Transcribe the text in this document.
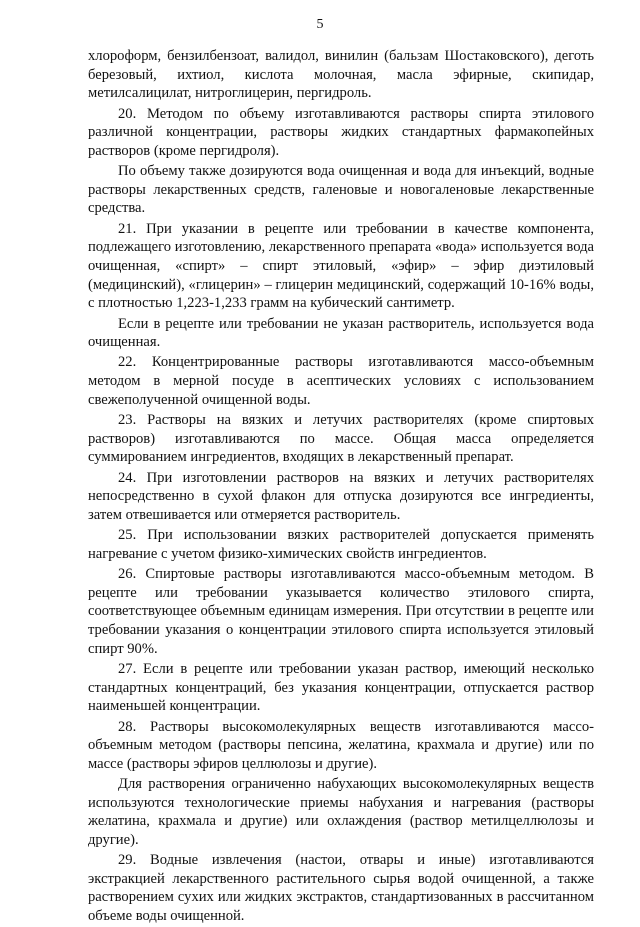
5

хлороформ, бензилбензоат, валидол, винилин (бальзам Шостаковского), деготь березовый, ихтиол, кислота молочная, масла эфирные, скипидар, метилсалицилат, нитроглицерин, пергидроль.

20. Методом по объему изготавливаются растворы спирта этилового различной концентрации, растворы жидких стандартных фармакопейных растворов (кроме пергидроля).

По объему также дозируются вода очищенная и вода для инъекций, водные растворы лекарственных средств, галеновые и новогаленовые лекарственные средства.

21. При указании в рецепте или требовании в качестве компонента, подлежащего изготовлению, лекарственного препарата «вода» используется вода очищенная, «спирт» – спирт этиловый, «эфир» – эфир диэтиловый (медицинский), «глицерин» – глицерин медицинский, содержащий 10-16% воды, с плотностью 1,223-1,233 грамм на кубический сантиметр.

Если в рецепте или требовании не указан растворитель, используется вода очищенная.

22. Концентрированные растворы изготавливаются массо-объемным методом в мерной посуде в асептических условиях с использованием свежеполученной очищенной воды.

23. Растворы на вязких и летучих растворителях (кроме спиртовых растворов) изготавливаются по массе. Общая масса определяется суммированием ингредиентов, входящих в лекарственный препарат.

24. При изготовлении растворов на вязких и летучих растворителях непосредственно в сухой флакон для отпуска дозируются все ингредиенты, затем отвешивается или отмеряется растворитель.

25. При использовании вязких растворителей допускается применять нагревание с учетом физико-химических свойств ингредиентов.

26. Спиртовые растворы изготавливаются массо-объемным методом. В рецепте или требовании указывается количество этилового спирта, соответствующее объемным единицам измерения. При отсутствии в рецепте или требовании указания о концентрации этилового спирта используется этиловый спирт 90%.

27. Если в рецепте или требовании указан раствор, имеющий несколько стандартных концентраций, без указания концентрации, отпускается раствор наименьшей концентрации.

28. Растворы высокомолекулярных веществ изготавливаются массо-объемным методом (растворы пепсина, желатина, крахмала и другие) или по массе (растворы эфиров целлюлозы и другие).

Для растворения ограниченно набухающих высокомолекулярных веществ используются технологические приемы набухания и нагревания (растворы желатина, крахмала и другие) или охлаждения (раствор метилцеллюлозы и другие).

29. Водные извлечения (настои, отвары и иные) изготавливаются экстракцией лекарственного растительного сырья водой очищенной, а также растворением сухих или жидких экстрактов, стандартизованных в рассчитанном объеме воды очищенной.
